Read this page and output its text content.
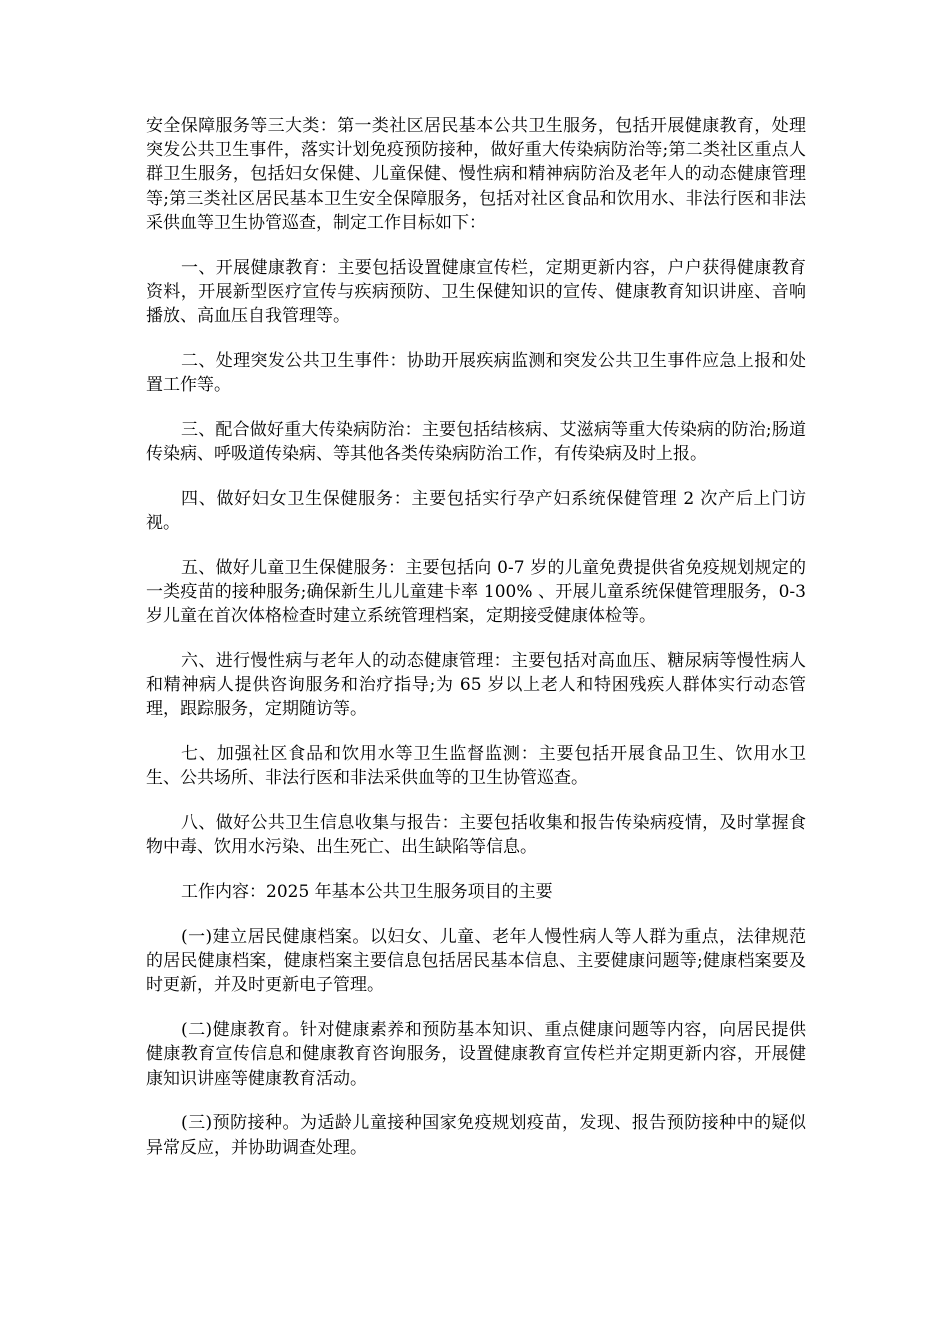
安全保障服务等三大类：第一类社区居民基本公共卫生服务，包括开展健康教育，处理突发公共卫生事件，落实计划免疫预防接种，做好重大传染病防治等;第二类社区重点人群卫生服务，包括妇女保健、儿童保健、慢性病和精神病防治及老年人的动态健康管理等;第三类社区居民基本卫生安全保障服务，包括对社区食品和饮用水、非法行医和非法采供血等卫生协管巡查，制定工作目标如下：

一、开展健康教育：主要包括设置健康宣传栏，定期更新内容，户户获得健康教育资料，开展新型医疗宣传与疾病预防、卫生保健知识的宣传、健康教育知识讲座、音响播放、高血压自我管理等。

二、处理突发公共卫生事件：协助开展疾病监测和突发公共卫生事件应急上报和处置工作等。

三、配合做好重大传染病防治：主要包括结核病、艾滋病等重大传染病的防治;肠道传染病、呼吸道传染病、等其他各类传染病防治工作，有传染病及时上报。

四、做好妇女卫生保健服务：主要包括实行孕产妇系统保健管理 2 次产后上门访视。

五、做好儿童卫生保健服务：主要包括向 0-7 岁的儿童免费提供省免疫规划规定的一类疫苗的接种服务;确保新生儿儿童建卡率 100% 、开展儿童系统保健管理服务，0-3 岁儿童在首次体格检查时建立系统管理档案，定期接受健康体检等。

六、进行慢性病与老年人的动态健康管理：主要包括对高血压、糖尿病等慢性病人和精神病人提供咨询服务和治疗指导;为 65 岁以上老人和特困残疾人群体实行动态管理，跟踪服务，定期随访等。

七、加强社区食品和饮用水等卫生监督监测：主要包括开展食品卫生、饮用水卫生、公共场所、非法行医和非法采供血等的卫生协管巡查。

八、做好公共卫生信息收集与报告：主要包括收集和报告传染病疫情，及时掌握食物中毒、饮用水污染、出生死亡、出生缺陷等信息。

工作内容：2025 年基本公共卫生服务项目的主要

(一)建立居民健康档案。以妇女、儿童、老年人慢性病人等人群为重点，法律规范的居民健康档案，健康档案主要信息包括居民基本信息、主要健康问题等;健康档案要及时更新，并及时更新电子管理。

(二)健康教育。针对健康素养和预防基本知识、重点健康问题等内容，向居民提供健康教育宣传信息和健康教育咨询服务，设置健康教育宣传栏并定期更新内容，开展健康知识讲座等健康教育活动。

(三)预防接种。为适龄儿童接种国家免疫规划疫苗，发现、报告预防接种中的疑似异常反应，并协助调查处理。
